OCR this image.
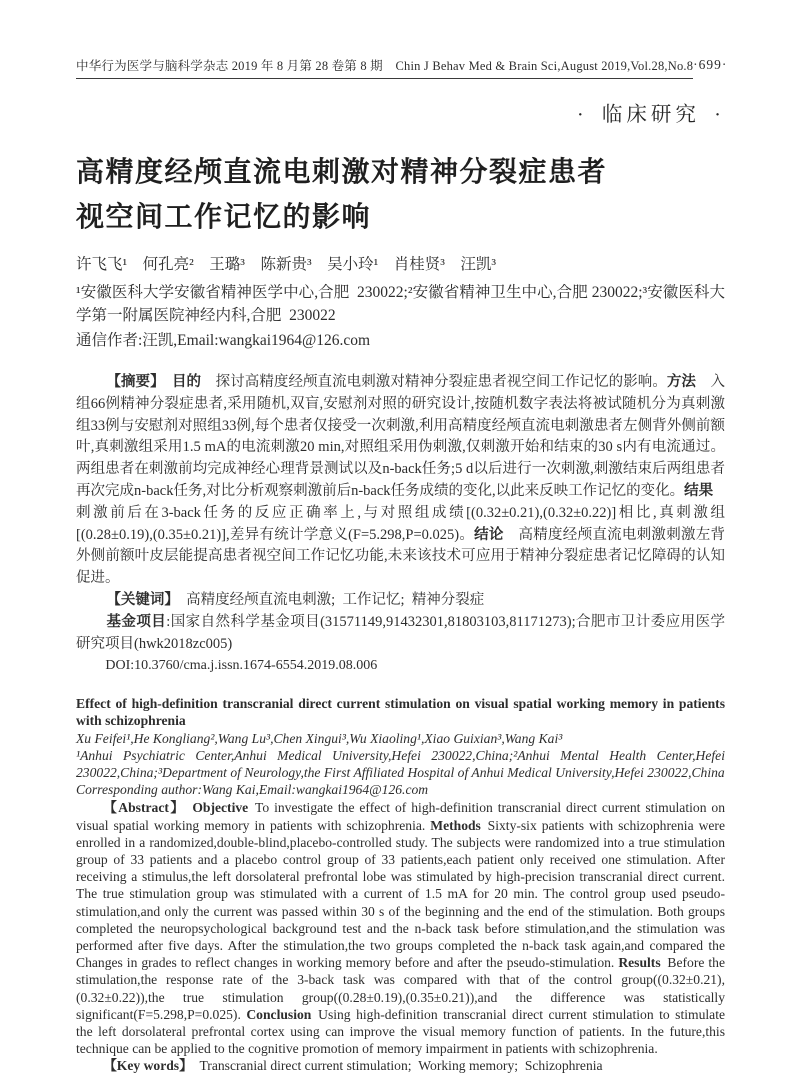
中华行为医学与脑科学杂志 2019 年 8 月第 28 卷第 8 期　Chin J Behav Med & Brain Sci,August 2019,Vol.28,No.8 ·699·
· 临床研究 ·
高精度经颅直流电刺激对精神分裂症患者
视空间工作记忆的影响
许飞飞¹　何孔亮²　王璐³　陈新贵³　吴小玲¹　肖桂贤³　汪凯³
¹安徽医科大学安徽省精神医学中心,合肥 230022;²安徽省精神卫生中心,合肥 230022;³安徽医科大学第一附属医院神经内科,合肥 230022
通信作者:汪凯,Email:wangkai1964@126.com

【摘要】　 目的　探讨高精度经颅直流电刺激对精神分裂症患者视空间工作记忆的影响。方法　入组66例精神分裂症患者,采用随机,双盲,安慰剂对照的研究设计,按随机数字表法将被试随机分为真刺激组33例与安慰剂对照组33例,每个患者仅接受一次刺激,利用高精度经颅直流电刺激患者左侧背外侧前额叶,真刺激组采用1.5 mA的电流刺激20 min,对照组采用伪刺激,仅刺激开始和结束的30 s内有电流通过。两组患者在刺激前均完成神经心理背景测试以及n-back任务;5 d以后进行一次刺激,刺激结束后两组患者再次完成n-back任务,对比分析观察刺激前后n-back任务成绩的变化,以此来反映工作记忆的变化。结果　刺激前后在3-back任务的反应正确率上,与对照组成绩[(0.32±0.21),(0.32±0.22)]相比,真刺激组[(0.28±0.19),(0.35±0.21)],差异有统计学意义(F=5.298,P=0.025)。结论　高精度经颅直流电刺激刺激左背外侧前额叶皮层能提高患者视空间工作记忆功能,未来该技术可应用于精神分裂症患者记忆障碍的认知促进。

【关键词】　高精度经颅直流电刺激; 工作记忆; 精神分裂症

基金项目:国家自然科学基金项目(31571149,91432301,81803103,81171273);合肥市卫计委应用医学研究项目(hwk2018zc005)

DOI:10.3760/cma.j.issn.1674-6554.2019.08.006

Effect of high-definition transcranial direct current stimulation on visual spatial working memory in patients with schizophrenia
Xu Feifei¹,He Kongliang²,Wang Lu³,Chen Xingui³,Wu Xiaoling¹,Xiao Guixian³,Wang Kai³
¹Anhui Psychiatric Center,Anhui Medical University,Hefei 230022,China;²Anhui Mental Health Center,Hefei 230022,China;³Department of Neurology,the First Affiliated Hospital of Anhui Medical University,Hefei 230022,China
Corresponding author:Wang Kai,Email:wangkai1964@126.com
【Abstract】  Objective To investigate the effect of high-definition transcranial direct current stimulation on visual spatial working memory in patients with schizophrenia. Methods Sixty-six patients with schizophrenia were enrolled in a randomized,double-blind,placebo-controlled study. The subjects were randomized into a true stimulation group of 33 patients and a placebo control group of 33 patients,each patient only received one stimulation. After receiving a stimulus,the left dorsolateral prefrontal lobe was stimulated by high-precision transcranial direct current. The true stimulation group was stimulated with a current of 1.5 mA for 20 min. The control group used pseudo-stimulation,and only the current was passed within 30 s of the beginning and the end of the stimulation. Both groups completed the neuropsychological background test and the n-back task before stimulation,and the stimulation was performed after five days. After the stimulation,the two groups completed the n-back task again,and compared the Changes in grades to reflect changes in working memory before and after the pseudo-stimulation. Results Before the stimulation,the response rate of the 3-back task was compared with that of the control group((0.32±0.21),(0.32±0.22)),the true stimulation group((0.28±0.19),(0.35±0.21)),and the difference was statistically significant(F=5.298,P=0.025). Conclusion Using high-definition transcranial direct current stimulation to stimulate the left dorsolateral prefrontal cortex using can improve the visual memory function of patients. In the future,this technique can be applied to the cognitive promotion of memory impairment in patients with schizophrenia.
【Key words】 Transcranial direct current stimulation; Working memory; Schizophrenia
